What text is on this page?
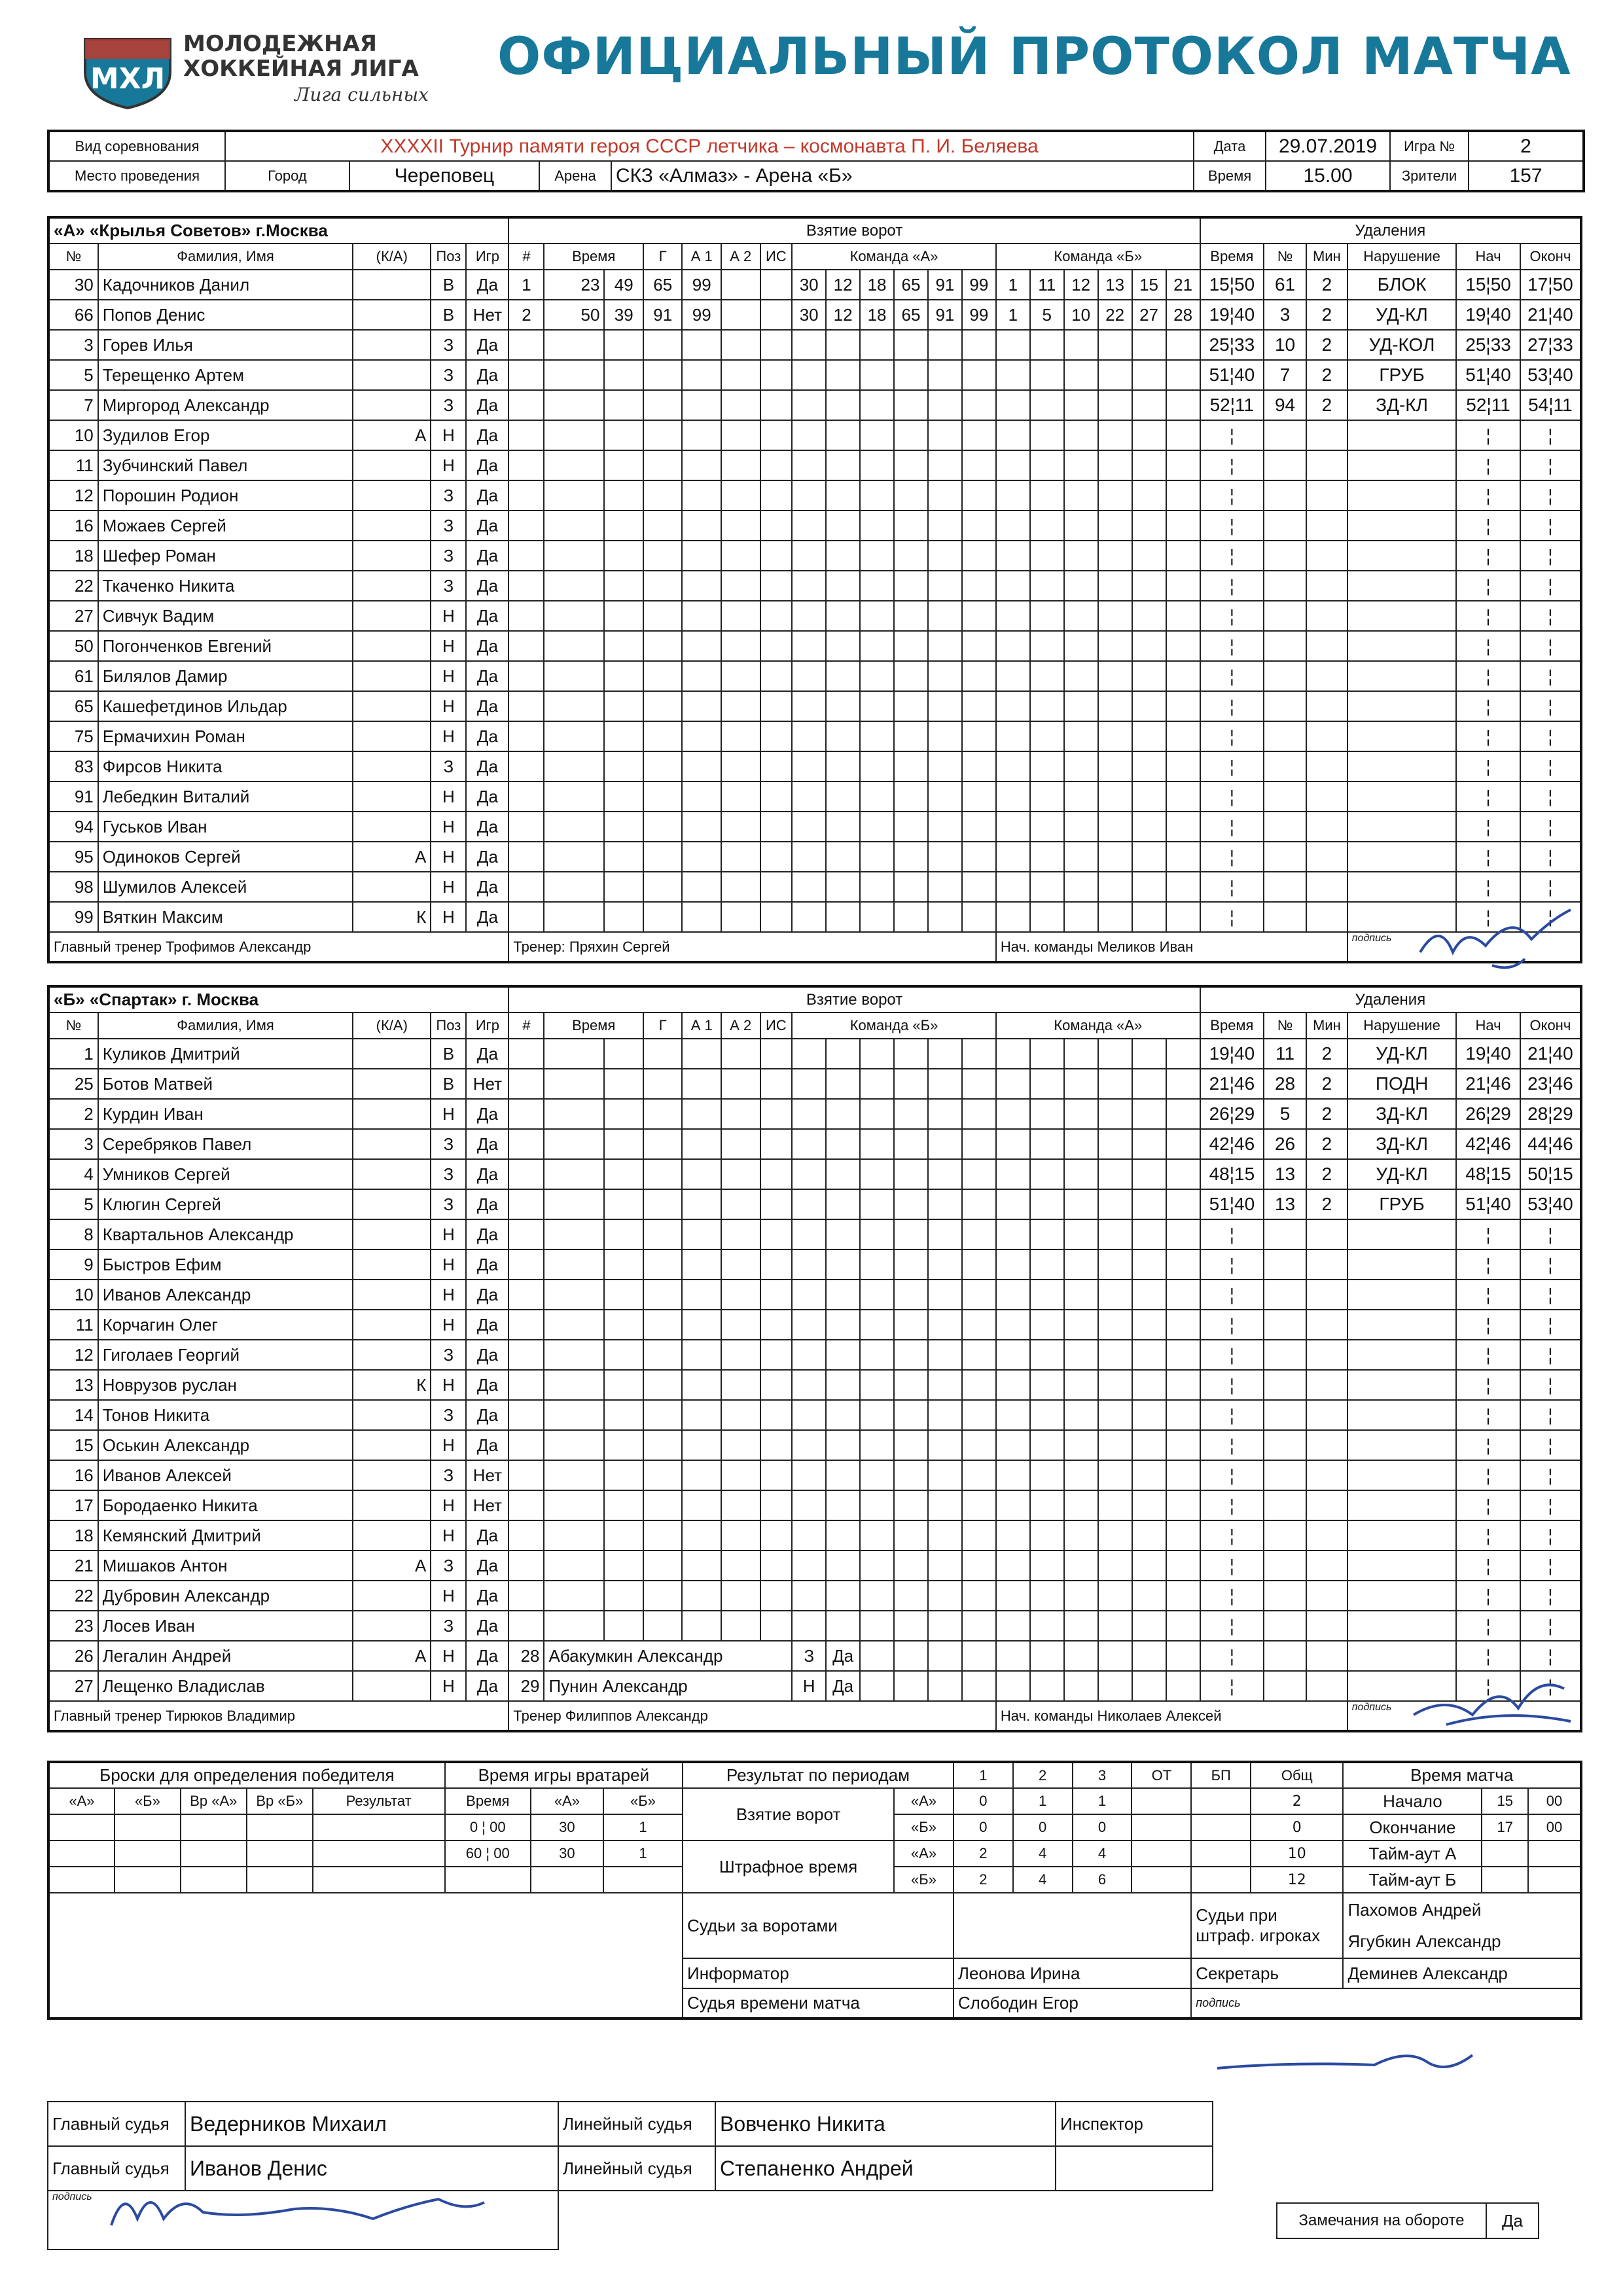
МХЛ
МОЛОДЕЖНАЯ
ХОККЕЙНАЯ ЛИГА
Лига сильных
ОФИЦИАЛЬНЫЙ ПРОТОКОЛ МАТЧА
Вид соревнования	XXXXII Турнир памяти героя СССР летчика – космонавта П. И. Беляева				Дата	29.07.2019	Игра №	2
Место проведения	Город	Череповец	Арена	СКЗ «Алмаз» - Арена «Б»	Время	15.00	Зрители	157
«А» «Крылья Советов» г.Москва					Взятие ворот																			Удаления					
№	Фамилия, Имя	(К/А)	Поз	Игр	#	Время		Г	А 1	А 2	ИС	Команда «А»						Команда «Б»						Время	№	Мин	Нарушение	Нач	Оконч
30	Кадочников Данил		В	Да	1	23	49	65	99			30	12	18	65	91	99	1	11	12	13	15	21	15¦50	61	2	БЛОК	15¦50	17¦50
66	Попов Денис		В	Нет	2	50	39	91	99			30	12	18	65	91	99	1	5	10	22	27	28	19¦40	3	2	УД-КЛ	19¦40	21¦40
3	Горев Илья		З	Да																				25¦33	10	2	УД-КОЛ	25¦33	27¦33
5	Терещенко Артем		З	Да																				51¦40	7	2	ГРУБ	51¦40	53¦40
7	Миргород Александр		З	Да																				52¦11	94	2	ЗД-КЛ	52¦11	54¦11
10	Зудилов Егор	А	Н	Да																				¦				¦	¦
11	Зубчинский Павел		Н	Да																				¦				¦	¦
12	Порошин Родион		З	Да																				¦				¦	¦
16	Можаев Сергей		З	Да																				¦				¦	¦
18	Шефер Роман		З	Да																				¦				¦	¦
22	Ткаченко Никита		З	Да																				¦				¦	¦
27	Сивчук Вадим		Н	Да																				¦				¦	¦
50	Погонченков Евгений		Н	Да																				¦				¦	¦
61	Билялов Дамир		Н	Да																				¦				¦	¦
65	Кашефетдинов Ильдар		Н	Да																				¦				¦	¦
75	Ермачихин Роман		Н	Да																				¦				¦	¦
83	Фирсов Никита		З	Да																				¦				¦	¦
91	Лебедкин Виталий		Н	Да																				¦				¦	¦
94	Гуськов Иван		Н	Да																				¦				¦	¦
95	Одиноков Сергей	А	Н	Да																				¦				¦	¦
98	Шумилов Алексей		Н	Да																				¦				¦	¦
99	Вяткин Максим	К	Н	Да																				¦				¦	¦
Главный тренер Трофимов Александр					Тренер: Пряхин Сергей													Нач. команды Меликов Иван									подпись		
«Б» «Спартак» г. Москва					Взятие ворот																			Удаления					
№	Фамилия, Имя	(К/А)	Поз	Игр	#	Время		Г	А 1	А 2	ИС	Команда «Б»						Команда «А»						Время	№	Мин	Нарушение	Нач	Оконч
1	Куликов Дмитрий		В	Да																				19¦40	11	2	УД-КЛ	19¦40	21¦40
25	Ботов Матвей		В	Нет																				21¦46	28	2	ПОДН	21¦46	23¦46
2	Курдин Иван		Н	Да																				26¦29	5	2	ЗД-КЛ	26¦29	28¦29
3	Серебряков Павел		З	Да																				42¦46	26	2	ЗД-КЛ	42¦46	44¦46
4	Умников Сергей		З	Да																				48¦15	13	2	УД-КЛ	48¦15	50¦15
5	Клюгин Сергей		З	Да																				51¦40	13	2	ГРУБ	51¦40	53¦40
8	Квартальнов Александр		Н	Да																				¦				¦	¦
9	Быстров Ефим		Н	Да																				¦				¦	¦
10	Иванов Александр		Н	Да																				¦				¦	¦
11	Корчагин Олег		Н	Да																				¦				¦	¦
12	Гиголаев Георгий		З	Да																				¦				¦	¦
13	Новрузов руслан	К	Н	Да																				¦				¦	¦
14	Тонов Никита		З	Да																				¦				¦	¦
15	Оськин Александр		Н	Да																				¦				¦	¦
16	Иванов Алексей		З	Нет																				¦				¦	¦
17	Бородаенко Никита		Н	Нет																				¦				¦	¦
18	Кемянский Дмитрий		Н	Да																				¦				¦	¦
21	Мишаков Антон	А	З	Да																				¦				¦	¦
22	Дубровин Александр		Н	Да																				¦				¦	¦
23	Лосев Иван		З	Да																				¦				¦	¦
26	Легалин Андрей	А	Н	Да	28	Абакумкин Александр						З	Да											¦				¦	¦
27	Лещенко Владислав		Н	Да	29	Пунин Александр						Н	Да											¦				¦	¦
Главный тренер Тирюков Владимир					Тренер Филиппов Александр													Нач. команды Николаев Алексей									подпись		
Броски для определения победителя					Время игры вратарей			Результат по периодам		1	2	3	ОТ	БП	Общ	Время матча		
«А»	«Б»	Вр «А»	Вр «Б»	Результат	Время	«А»	«Б»	Взятие ворот	«А»	0	1	1			2	Начало	15	00
					0 ¦ 00	30	1		«Б»	0	0	0			0	Окончание	17	00
					60 ¦ 00	30	1	Штрафное время	«А»	2	4	4			10	Тайм-аут А		
									«Б»	2	4	6			12	Тайм-аут Б		
								Судьи за воротами						Судьи при штраф. игроках		Пахомов Андрей
Ягубкин Александр		

								Информатор		Леонова Ирина				Секретарь		Деминев Александр		
								Судья времени матча		Слободин Егор				подпись				
Главный судья	Ведерников Михаил	Линейный судья	Вовченко Никита	Инспектор
Главный судья	Иванов Денис	Линейный судья	Степаненко Андрей	
подпись				
Замечания на обороте	Да
